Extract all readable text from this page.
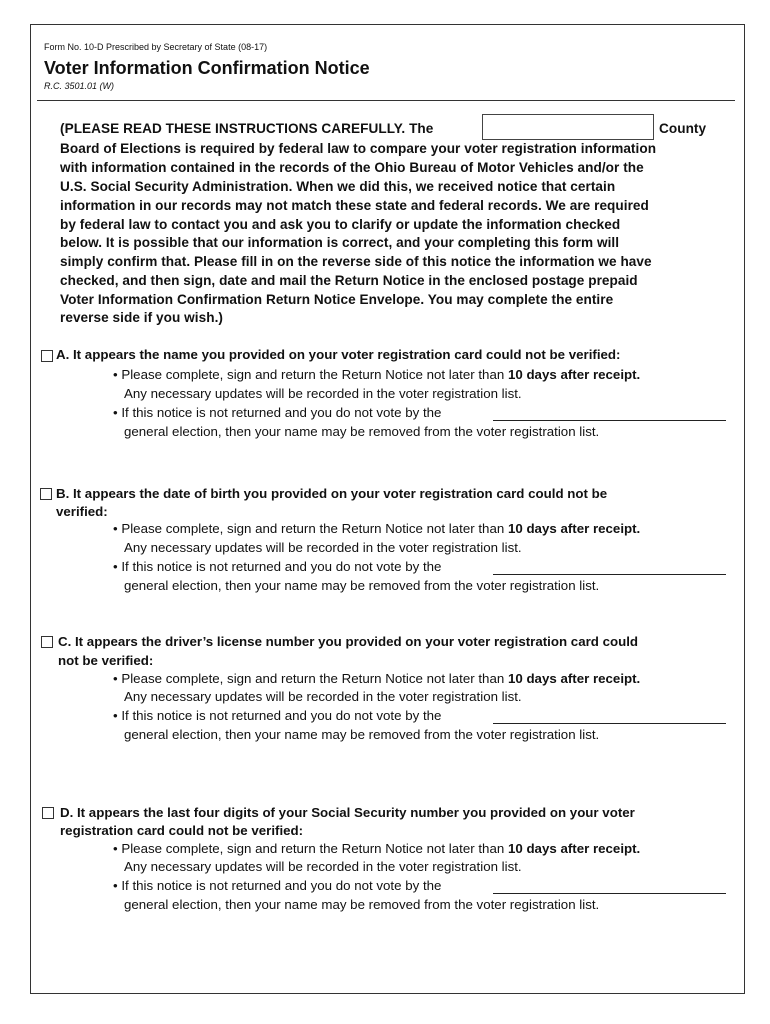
Form No. 10-D Prescribed by Secretary of State (08-17)
Voter Information Confirmation Notice
R.C. 3501.01 (W)
(PLEASE READ THESE INSTRUCTIONS CAREFULLY. The	County
Board of Elections is required by federal law to compare your voter registration information
with information contained in the records of the Ohio Bureau of Motor Vehicles and/or the
U.S. Social Security Administration. When we did this, we received notice that certain
information in our records may not match these state and federal records. We are required
by federal law to contact you and ask you to clarify or update the information checked
below. It is possible that our information is correct, and your completing this form will
simply confirm that. Please fill in on the reverse side of this notice the information we have
checked, and then sign, date and mail the Return Notice in the enclosed postage prepaid
Voter Information Confirmation Return Notice Envelope. You may complete the entire
reverse side if you wish.)
A. It appears the name you provided on your voter registration card could not be verified:
• Please complete, sign and return the Return Notice not later than 10 days after receipt.
Any necessary updates will be recorded in the voter registration list.
• If this notice is not returned and you do not vote by the
general election, then your name may be removed from the voter registration list.
B. It appears the date of birth you provided on your voter registration card could not be
verified:
• Please complete, sign and return the Return Notice not later than 10 days after receipt.
Any necessary updates will be recorded in the voter registration list.
• If this notice is not returned and you do not vote by the
general election, then your name may be removed from the voter registration list.
C. It appears the driver’s license number you provided on your voter registration card could
not be verified:
• Please complete, sign and return the Return Notice not later than 10 days after receipt.
Any necessary updates will be recorded in the voter registration list.
• If this notice is not returned and you do not vote by the
general election, then your name may be removed from the voter registration list.
D. It appears the last four digits of your Social Security number you provided on your voter
registration card could not be verified:
• Please complete, sign and return the Return Notice not later than 10 days after receipt.
Any necessary updates will be recorded in the voter registration list.
• If this notice is not returned and you do not vote by the
general election, then your name may be removed from the voter registration list.
